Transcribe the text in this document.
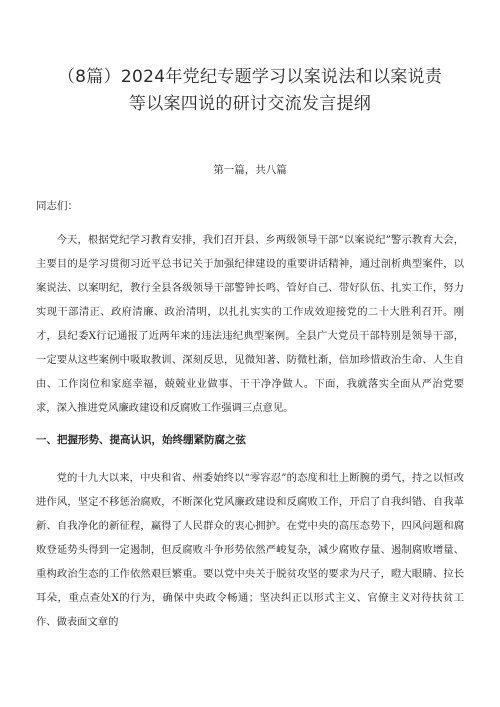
（8篇）2024年党纪专题学习以案说法和以案说责
等以案四说的研讨交流发言提纲

第一篇，共八篇

同志们：

今天，根据党纪学习教育安排，我们召开县、乡两级领导干部“以案说纪”警示教育大会，主要目的是学习贯彻习近平总书记关于加强纪律建设的重要讲话精神，通过剖析典型案件，以案说法、以案明纪，教行全县各级领导干部警钟长鸣、管好自己、带好队伍、扎实工作，努力实现干部清正、政府清廉、政治清明，以扎扎实实的工作成效迎接党的二十大胜利召开。刚才，县纪委X行记通报了近两年来的违法违纪典型案例。全县广大党员干部特别是领导干部，一定要从这些案例中吸取教训、深刻反思，见微知著、防微杜渐，倍加珍惜政治生命、人生自由、工作岗位和家庭幸福，兢兢业业做事、干干净净做人。下面，我就落实全面从严治党要求，深入推进党风廉政建设和反腐败工作强调三点意见。

一、把握形势、提高认识，始终绷紧防腐之弦

党的十九大以来，中央和省、州委始终以“零容忍”的态度和壮上断腕的勇气，持之以恒改进作风，坚定不移惩治腐败，不断深化党风廉政建设和反腐败工作，开启了自我纠错、自我革新、自我净化的新征程，赢得了人民群众的衷心拥护。在党中央的高压态势下，四风问题和腐败登延势头得到一定遏制，但反腐败斗争形势依然严峻复杂，减少腐败存量、遏制腐败增量、重构政治生态的工作依然艰巨繁重。要以党中央关于脱贫攻坚的要求为尺子，瞪大眼睛、拉长耳朵，重点查处X的行为，确保中央政令畅通；坚决纠正以形式主义、官僚主义对待扶贫工作、做表面文章的
